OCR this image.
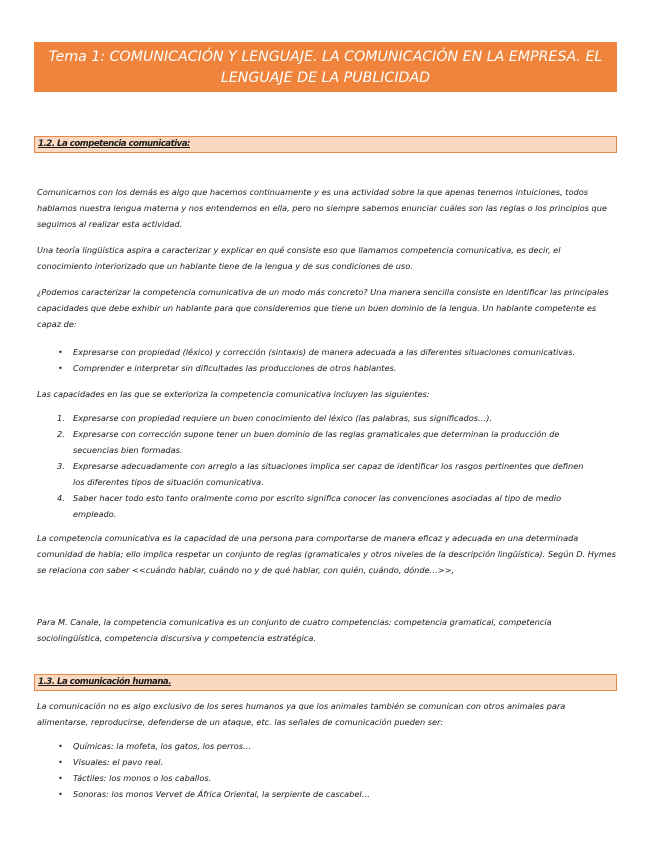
Tema 1: COMUNICACIÓN Y LENGUAJE. LA COMUNICACIÓN EN LA EMPRESA. EL LENGUAJE DE LA PUBLICIDAD
1.2. La competencia comunicativa:

Comunicarnos con los demás es algo que hacemos continuamente y es una actividad sobre la que apenas tenemos intuiciones, todos hablamos nuestra lengua materna y nos entendemos en ella, pero no siempre sabemos enunciar cuáles son las reglas o los principios que seguimos al realizar esta actividad.

Una teoría lingüística aspira a caracterizar y explicar en qué consiste eso que llamamos competencia comunicativa, es decir, el conocimiento interiorizado que un hablante tiene de la lengua y de sus condiciones de uso.

¿Podemos caracterizar la competencia comunicativa de un modo más concreto? Una manera sencilla consiste en identificar las principales capacidades que debe exhibir un hablante para que consideremos que tiene un buen dominio de la lengua. Un hablante competente es capaz de:

• Expresarse con propiedad (léxico) y corrección (sintaxis) de manera adecuada a las diferentes situaciones comunicativas.
• Comprender e interpretar sin dificultades las producciones de otros hablantes.

Las capacidades en las que se exterioriza la competencia comunicativa incluyen las siguientes:

1. Expresarse con propiedad requiere un buen conocimiento del léxico (las palabras, sus significados…).
2. Expresarse con corrección supone tener un buen dominio de las reglas gramaticales que determinan la producción de secuencias bien formadas.
3. Expresarse adecuadamente con arreglo a las situaciones implica ser capaz de identificar los rasgos pertinentes que definen los diferentes tipos de situación comunicativa.
4. Saber hacer todo esto tanto oralmente como por escrito significa conocer las convenciones asociadas al tipo de medio empleado.

La competencia comunicativa es la capacidad de una persona para comportarse de manera eficaz y adecuada en una determinada comunidad de habla; ello implica respetar un conjunto de reglas (gramaticales y otros niveles de la descripción lingüística). Según D. Hymes se relaciona con saber <<cuándo hablar, cuándo no y de qué hablar, con quién, cuándo, dónde…>>,

Para M. Canale, la competencia comunicativa es un conjunto de cuatro competencias: competencia gramatical, competencia sociolingüística, competencia discursiva y competencia estratégica.

1.3. La comunicación humana.

La comunicación no es algo exclusivo de los seres humanos ya que los animales también se comunican con otros animales para alimentarse, reproducirse, defenderse de un ataque, etc. las señales de comunicación pueden ser:

• Químicas: la mofeta, los gatos, los perros…
• Visuales: el pavo real.
• Táctiles: los monos o los caballos.
• Sonoras: los monos Vervet de África Oriental, la serpiente de cascabel…
